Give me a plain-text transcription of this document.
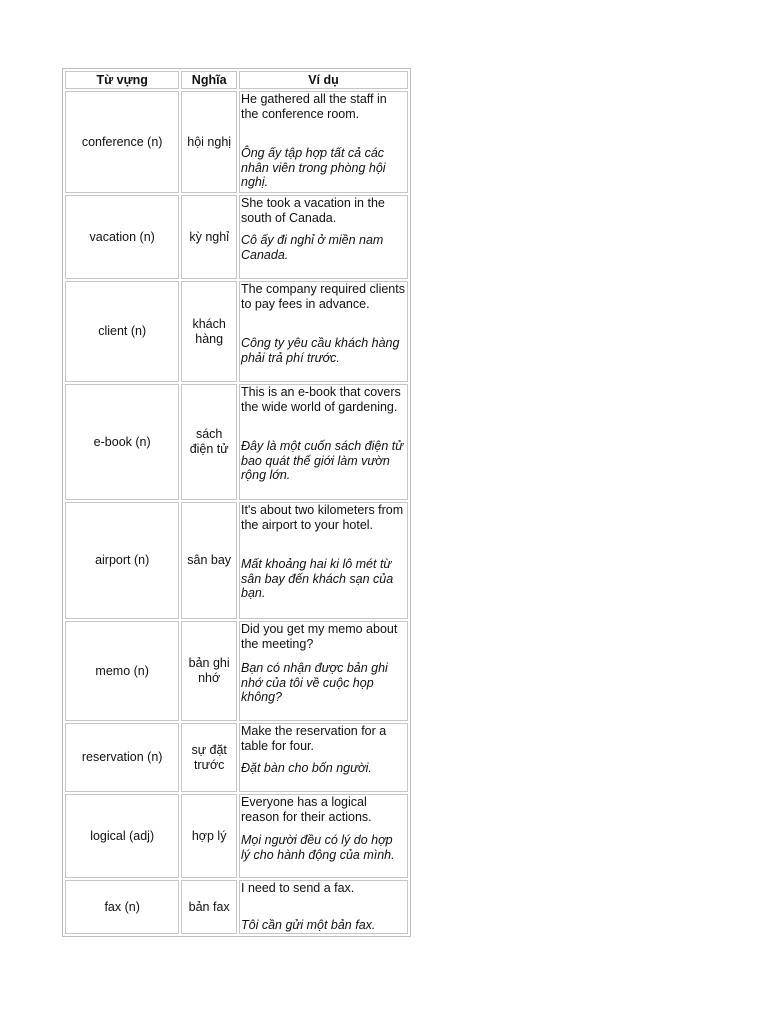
Từ vựng	Nghĩa	Ví dụ
conference (n)	hội nghị	He gathered all the staff in the conference room.
Ông ấy tập hợp tất cả các nhân viên trong phòng hội nghị.

vacation (n)	kỳ nghỉ	She took a vacation in the south of Canada.
Cô ấy đi nghỉ ở miền nam Canada.

client (n)	khách hàng	The company required clients to pay fees in advance.
Công ty yêu cầu khách hàng phải trả phí trước.

e-book (n)	sách điện tử	This is an e-book that covers the wide world of gardening.
Đây là một cuốn sách điện tử bao quát thế giới làm vườn rộng lớn.

airport (n)	sân bay	It's about two kilometers from the airport to your hotel.
Mất khoảng hai ki lô mét từ sân bay đến khách sạn của bạn.

memo (n)	bản ghi nhớ	Did you get my memo about the meeting?
Bạn có nhận được bản ghi nhớ của tôi về cuộc họp không?

reservation (n)	sự đặt trước	Make the reservation for a table for four.
Đặt bàn cho bốn người.

logical (adj)	hợp lý	Everyone has a logical reason for their actions.
Mọi người đều có lý do hợp lý cho hành động của mình.

fax (n)	bản fax	I need to send a fax.
Tôi cần gửi một bản fax.
